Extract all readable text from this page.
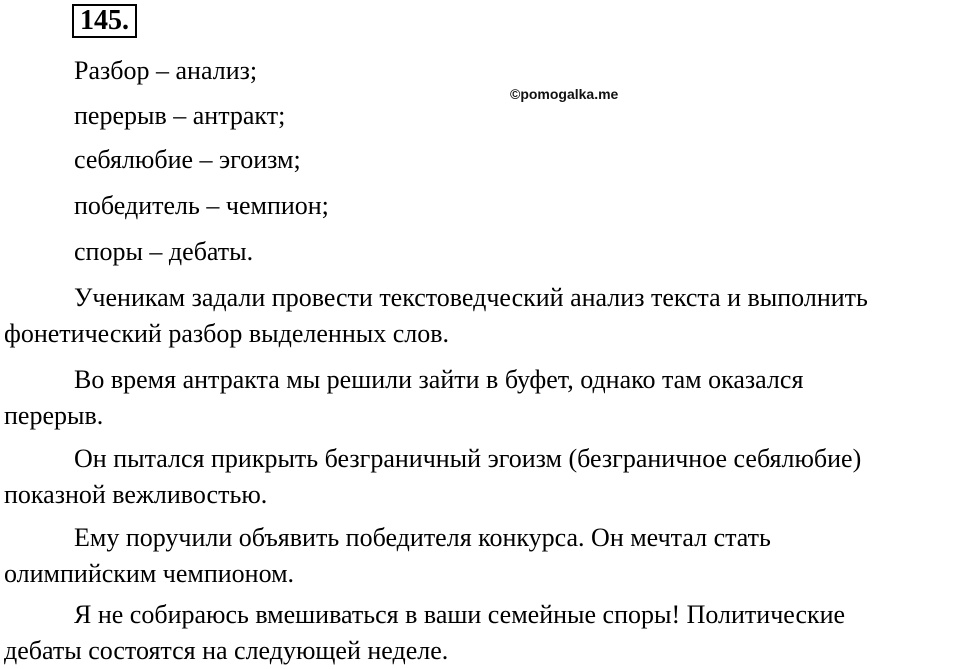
145.
©pomogalka.me
Разбор – анализ;
перерыв – антракт;
себялюбие – эгоизм;
победитель – чемпион;
споры – дебаты.
Ученикам задали провести текстоведческий анализ текста и выполнить
фонетический разбор выделенных слов.
Во время антракта мы решили зайти в буфет, однако там оказался
перерыв.
Он пытался прикрыть безграничный эгоизм (безграничное себялюбие)
показной вежливостью.
Ему поручили объявить победителя конкурса. Он мечтал стать
олимпийским чемпионом.
Я не собираюсь вмешиваться в ваши семейные споры! Политические
дебаты состоятся на следующей неделе.
